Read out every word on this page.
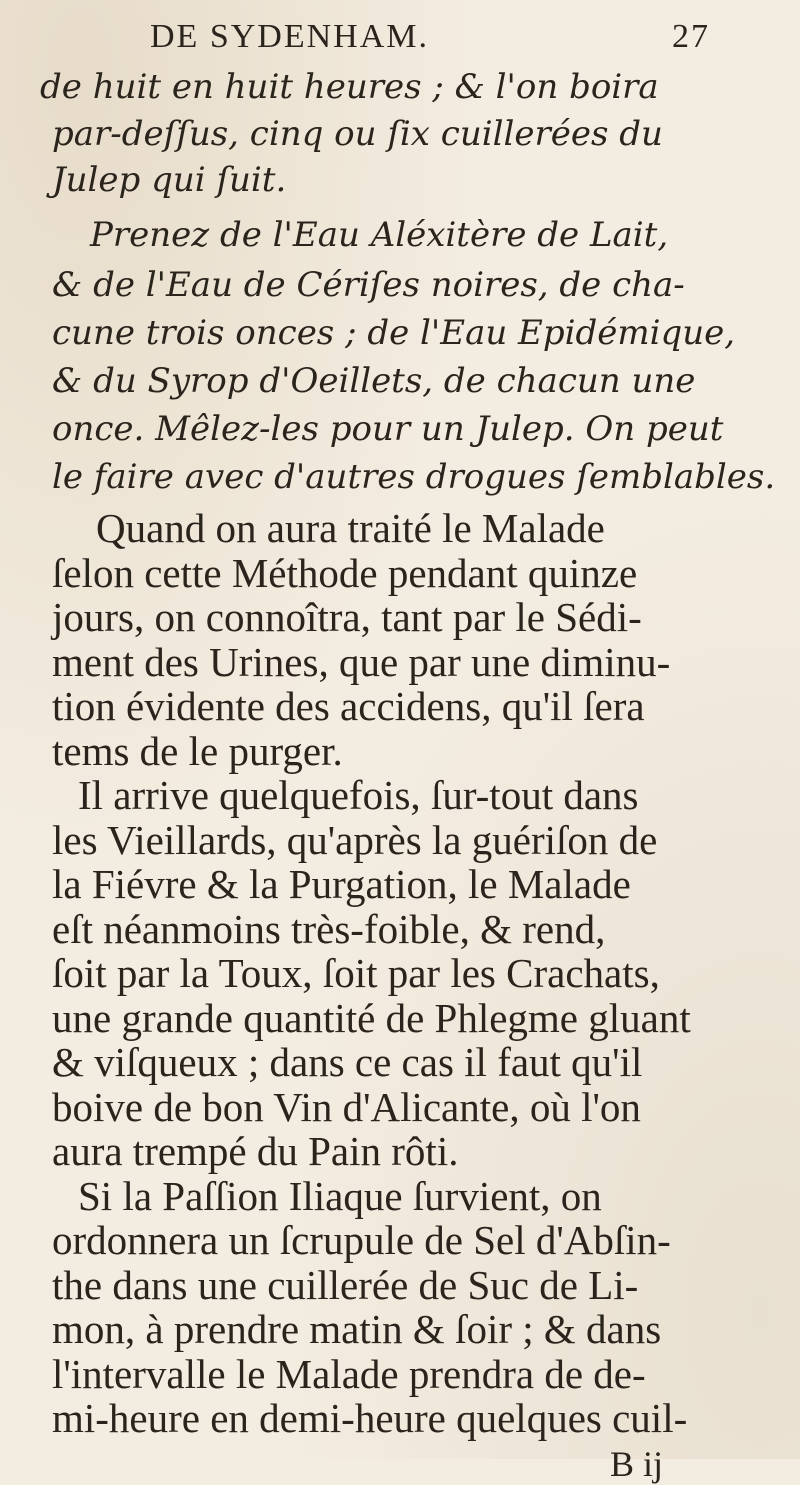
DE SYDENHAM.	27
de huit en huit heures ; & l'on boira
par-deſſus, cinq ou ſix cuillerées du
Julep qui ſuit.
Prenez de l'Eau Aléxitère de Lait,
& de l'Eau de Cériſes noires, de cha-
cune trois onces ; de l'Eau Epidémique,
& du Syrop d'Oeillets, de chacun une
once. Mêlez-les pour un Julep. On peut
le faire avec d'autres drogues ſemblables.
Quand on aura traité le Malade
ſelon cette Méthode pendant quinze
jours, on connoîtra, tant par le Sédi-
ment des Urines, que par une diminu-
tion évidente des accidens, qu'il ſera
tems de le purger.
Il arrive quelquefois, ſur-tout dans
les Vieillards, qu'après la guériſon de
la Fiévre & la Purgation, le Malade
eſt néanmoins très-foible, & rend,
ſoit par la Toux, ſoit par les Crachats,
une grande quantité de Phlegme gluant
& viſqueux ; dans ce cas il faut qu'il
boive de bon Vin d'Alicante, où l'on
aura trempé du Pain rôti.
Si la Paſſion Iliaque ſurvient, on
ordonnera un ſcrupule de Sel d'Abſin-
the dans une cuillerée de Suc de Li-
mon, à prendre matin & ſoir ; & dans
l'intervalle le Malade prendra de de-
mi-heure en demi-heure quelques cuil-
B ij
